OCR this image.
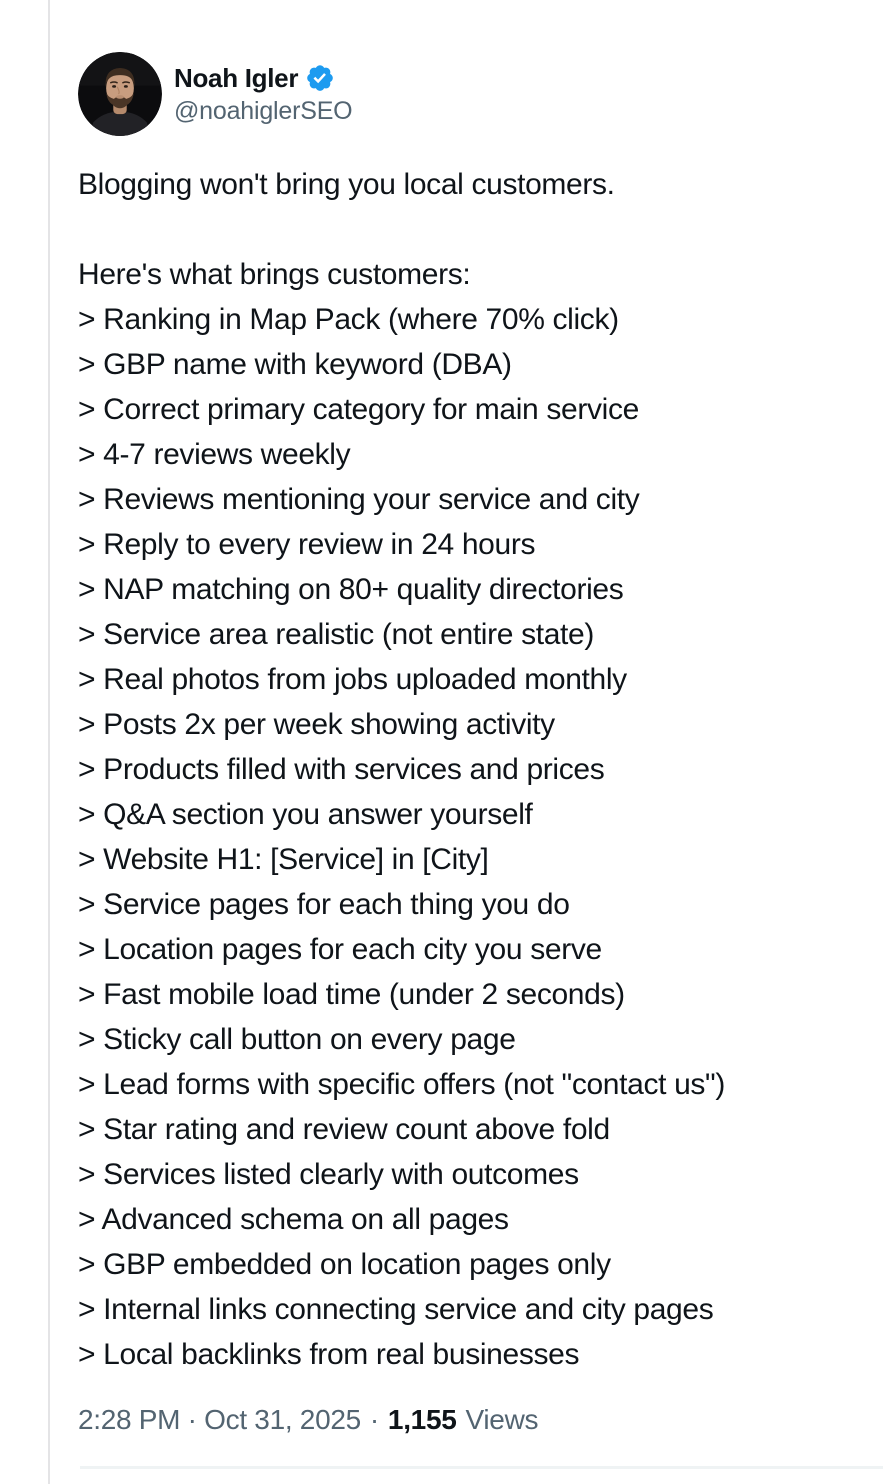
Noah Igler
@noahiglerSEO
Blogging won't bring you local customers.
Here's what brings customers:
> Ranking in Map Pack (where 70% click)
> GBP name with keyword (DBA)
> Correct primary category for main service
> 4-7 reviews weekly
> Reviews mentioning your service and city
> Reply to every review in 24 hours
> NAP matching on 80+ quality directories
> Service area realistic (not entire state)
> Real photos from jobs uploaded monthly
> Posts 2x per week showing activity
> Products filled with services and prices
> Q&A section you answer yourself
> Website H1: [Service] in [City]
> Service pages for each thing you do
> Location pages for each city you serve
> Fast mobile load time (under 2 seconds)
> Sticky call button on every page
> Lead forms with specific offers (not "contact us")
> Star rating and review count above fold
> Services listed clearly with outcomes
> Advanced schema on all pages
> GBP embedded on location pages only
> Internal links connecting service and city pages
> Local backlinks from real businesses
2:28 PM · Oct 31, 2025 · 1,155 Views
